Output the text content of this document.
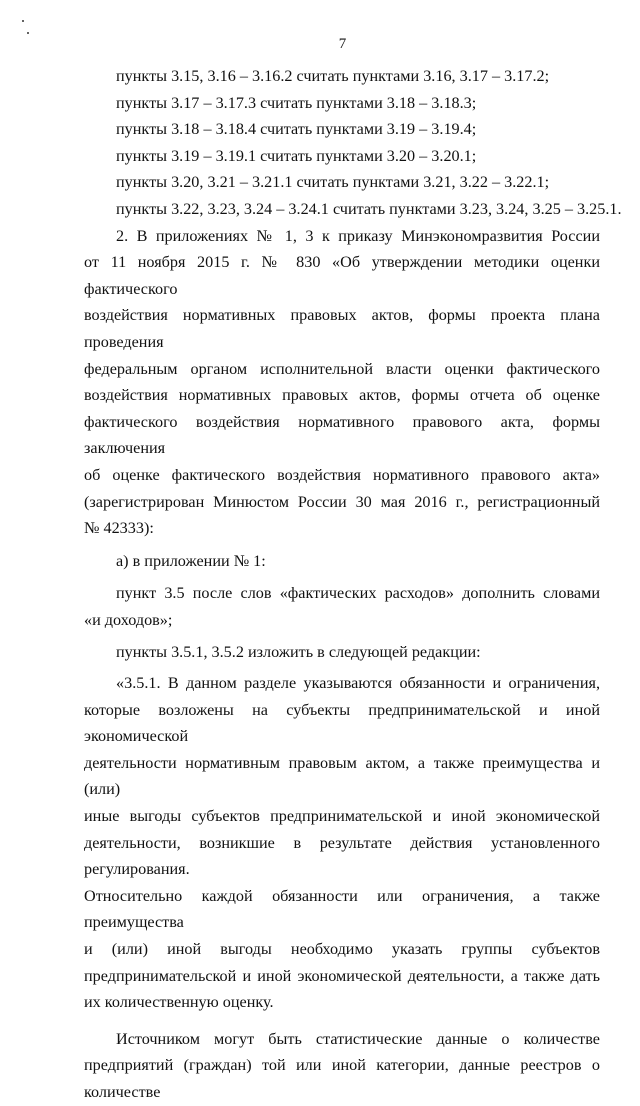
7
пункты 3.15, 3.16 – 3.16.2 считать пунктами 3.16, 3.17 – 3.17.2;
пункты 3.17 – 3.17.3 считать пунктами 3.18 – 3.18.3;
пункты 3.18 – 3.18.4 считать пунктами 3.19 – 3.19.4;
пункты 3.19 – 3.19.1 считать пунктами 3.20 – 3.20.1;
пункты 3.20, 3.21 – 3.21.1 считать пунктами 3.21, 3.22 – 3.22.1;
пункты 3.22, 3.23, 3.24 – 3.24.1 считать пунктами 3.23, 3.24, 3.25 – 3.25.1.
2. В приложениях № 1, 3 к приказу Минэкономразвития России
от 11 ноября 2015 г. № 830 «Об утверждении методики оценки фактического
воздействия нормативных правовых актов, формы проекта плана проведения
федеральным органом исполнительной власти оценки фактического
воздействия нормативных правовых актов, формы отчета об оценке
фактического воздействия нормативного правового акта, формы заключения
об оценке фактического воздействия нормативного правового акта»
(зарегистрирован Минюстом России 30 мая 2016 г., регистрационный
№ 42333):
а) в приложении № 1:
пункт 3.5 после слов «фактических расходов» дополнить словами
«и доходов»;
пункты 3.5.1, 3.5.2 изложить в следующей редакции:
«3.5.1. В данном разделе указываются обязанности и ограничения,
которые возложены на субъекты предпринимательской и иной экономической
деятельности нормативным правовым актом, а также преимущества и (или)
иные выгоды субъектов предпринимательской и иной экономической
деятельности, возникшие в результате действия установленного регулирования.
Относительно каждой обязанности или ограничения, а также преимущества
и (или) иной выгоды необходимо указать группы субъектов
предпринимательской и иной экономической деятельности, а также дать
их количественную оценку.
Источником могут быть статистические данные о количестве
предприятий (граждан) той или иной категории, данные реестров о количестве
